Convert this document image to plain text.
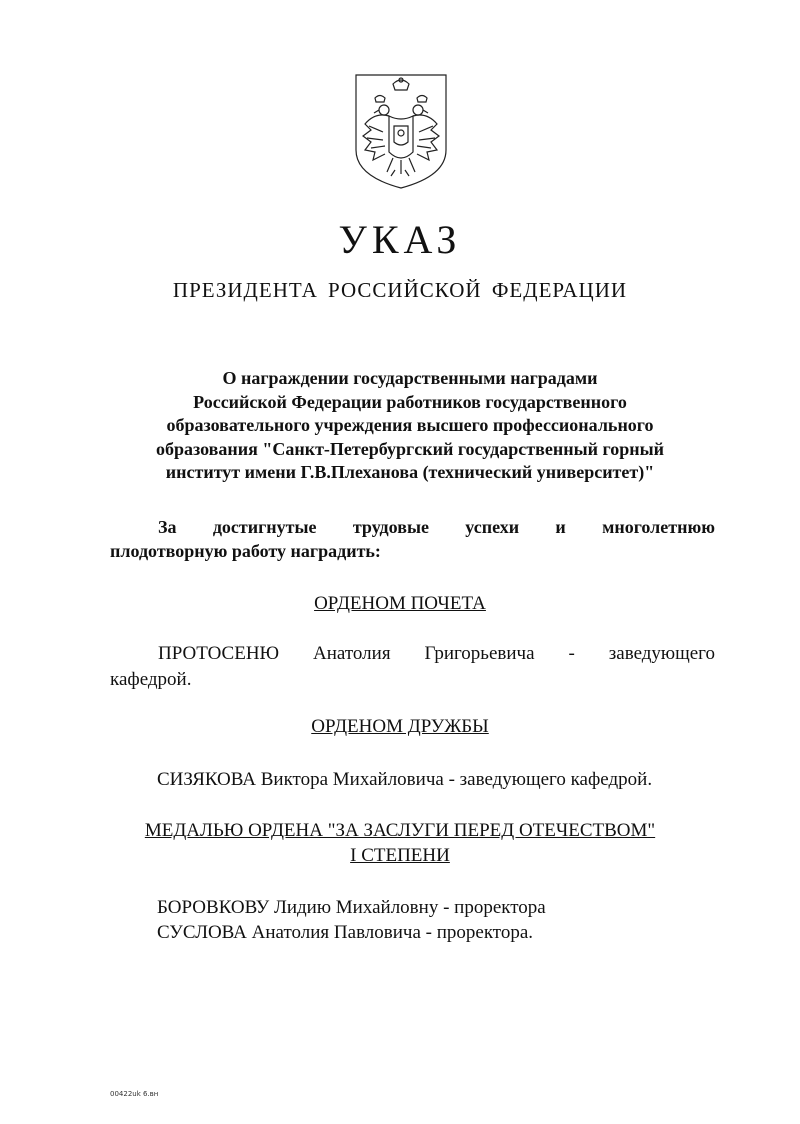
УКАЗ
ПРЕЗИДЕНТА РОССИЙСКОЙ ФЕДЕРАЦИИ
О награждении государственными наградами
Российской Федерации работников государственного
образовательного учреждения высшего профессионального
образования "Санкт-Петербургский государственный горный
институт имени Г.В.Плеханова (технический университет)"
За достигнутые трудовые успехи и многолетнюю
плодотворную работу наградить:
ОРДЕНОМ ПОЧЕТА
ПРОТОСЕНЮ Анатолия Григорьевича - заведующего
кафедрой.
ОРДЕНОМ ДРУЖБЫ
СИЗЯКОВА Виктора Михайловича - заведующего кафедрой.
МЕДАЛЬЮ ОРДЕНА "ЗА ЗАСЛУГИ ПЕРЕД ОТЕЧЕСТВОМ"
I СТЕПЕНИ
БОРОВКОВУ Лидию Михайловну - проректора
СУСЛОВА Анатолия Павловича - проректора.
00422uk 6.вн
